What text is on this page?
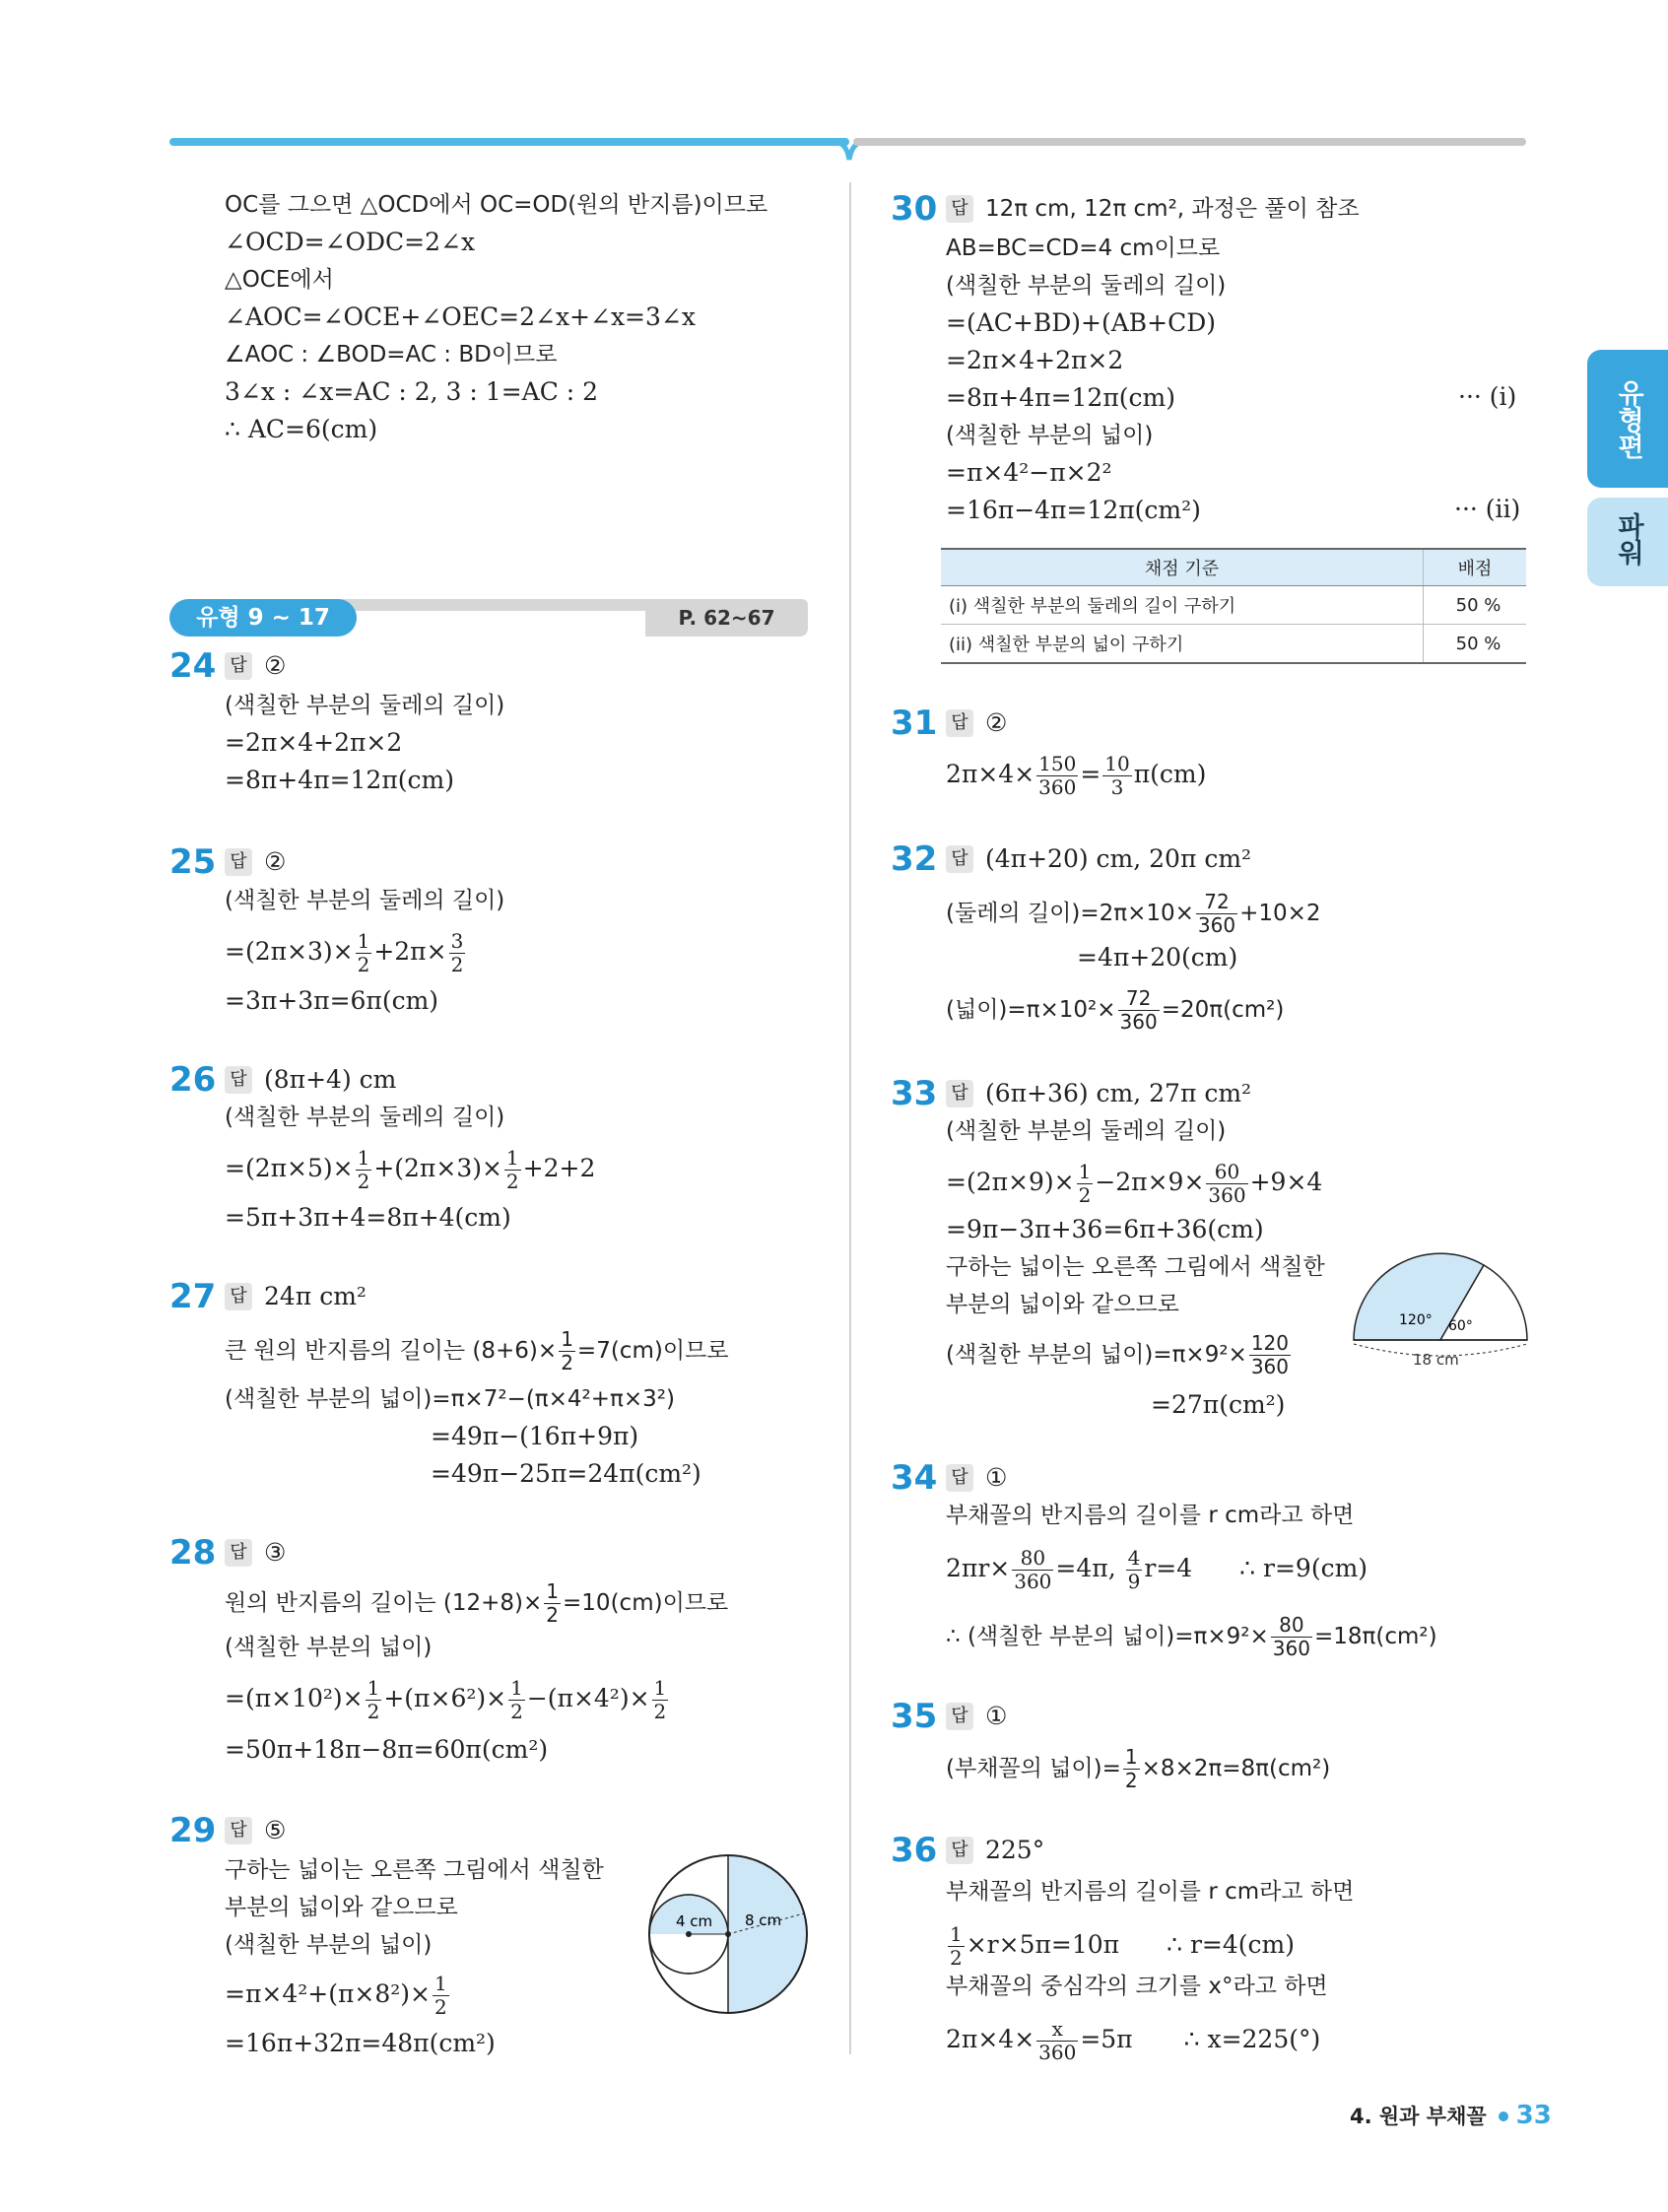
유형편
파워
OC를 그으면 △OCD에서 OC=OD(원의 반지름)이므로
∠OCD=∠ODC=2∠x
△OCE에서
∠AOC=∠OCE+∠OEC=2∠x+∠x=3∠x
∠AOC : ∠BOD=AC : BD이므로
3∠x : ∠x=AC : 2, 3 : 1=AC : 2
∴ AC=6(cm)
P. 62~67
유형 9 ~ 17
24 답 ②
(색칠한 부분의 둘레의 길이)
=2π×4+2π×2
=8π+4π=12π(cm)
25 답 ②
(색칠한 부분의 둘레의 길이)
$=(2\pi\times 3)\times \frac{1}{2} +2\pi\times \frac{3}{2}$
=3π+3π=6π(cm)
26 답 (8π+4) cm
(색칠한 부분의 둘레의 길이)
$=(2\pi\times 5)\times \frac{1}{2} +(2\pi\times 3)\times \frac{1}{2} +2+2$
=5π+3π+4=8π+4(cm)
27 답 24π cm²
큰 원의 반지름의 길이는 $(8+6)\times \frac{1}{2} =7(cm)$이므로
(색칠한 부분의 넓이)=π×7²−(π×4²+π×3²)
=49π−(16π+9π)
=49π−25π=24π(cm²)
28 답 ③
원의 반지름의 길이는 $(12+8)\times \frac{1}{2} =10(cm)$이므로
(색칠한 부분의 넓이)
$=(\pi\times 10^2)\times \frac{1}{2} +(\pi\times 6^2)\times \frac{1}{2} -(\pi\times 4^2)\times \frac{1}{2}$
=50π+18π−8π=60π(cm²)
29 답 ⑤
구하는 넓이는 오른쪽 그림에서 색칠한
부분의 넓이와 같으므로
(색칠한 부분의 넓이)
$=\pi\times 4^2+(\pi\times 8^2)\times \frac{1}{2}$
=16π+32π=48π(cm²)
4 cm 8 cm
30 답 12π cm, 12π cm², 과정은 풀이 참조
AB=BC=CD=4 cm이므로
(색칠한 부분의 둘레의 길이)
=(AC+BD)+(AB+CD)
=2π×4+2π×2
=8π+4π=12π(cm)	··· (i)
(색칠한 부분의 넓이)
=π×4²−π×2²
=16π−4π=12π(cm²)	··· (ii)
채점 기준	배점
(i) 색칠한 부분의 둘레의 길이 구하기	50 %
(ii) 색칠한 부분의 넓이 구하기	50 %
31 답 ②
$2\pi\times 4\times \frac{150}{360} = \frac{10}{3} \pi(cm)$
32 답 (4π+20) cm, 20π cm²
(둘레의 길이)$=2\pi\times 10\times \frac{72}{360} +10\times 2$
=4π+20(cm)
(넓이)$=\pi\times 10^2\times \frac{72}{360} =20\pi(cm^2)$
33 답 (6π+36) cm, 27π cm²
(색칠한 부분의 둘레의 길이)
$=(2\pi\times 9)\times \frac{1}{2} -2\pi\times 9\times \frac{60}{360} +9\times 4$
=9π−3π+36=6π+36(cm)
구하는 넓이는 오른쪽 그림에서 색칠한
부분의 넓이와 같으므로
(색칠한 부분의 넓이)$=\pi\times 9^2\times \frac{120}{360}$
=27π(cm²)
120° 60°
18 cm
34 답 ①
부채꼴의 반지름의 길이를 r cm라고 하면
$2\pi r\times \frac{80}{360} =4\pi$, $\frac{4}{9} r=4$ ∴ r=9(cm)
∴ (색칠한 부분의 넓이)$=\pi\times 9^2\times \frac{80}{360} =18\pi(cm^2)$
35 답 ①
(부채꼴의 넓이)= $\frac{1}{2} \times 8\times 2\pi=8\pi(cm^2)$
36 답 225°
부채꼴의 반지름의 길이를 r cm라고 하면
$\frac{1}{2} \times r\times 5\pi=10\pi$ ∴ r=4(cm)
부채꼴의 중심각의 크기를 x°라고 하면
$2\pi\times 4\times \frac{x}{360} =5\pi$ ∴ x=225(°)
4. 원과 부채꼴 33
